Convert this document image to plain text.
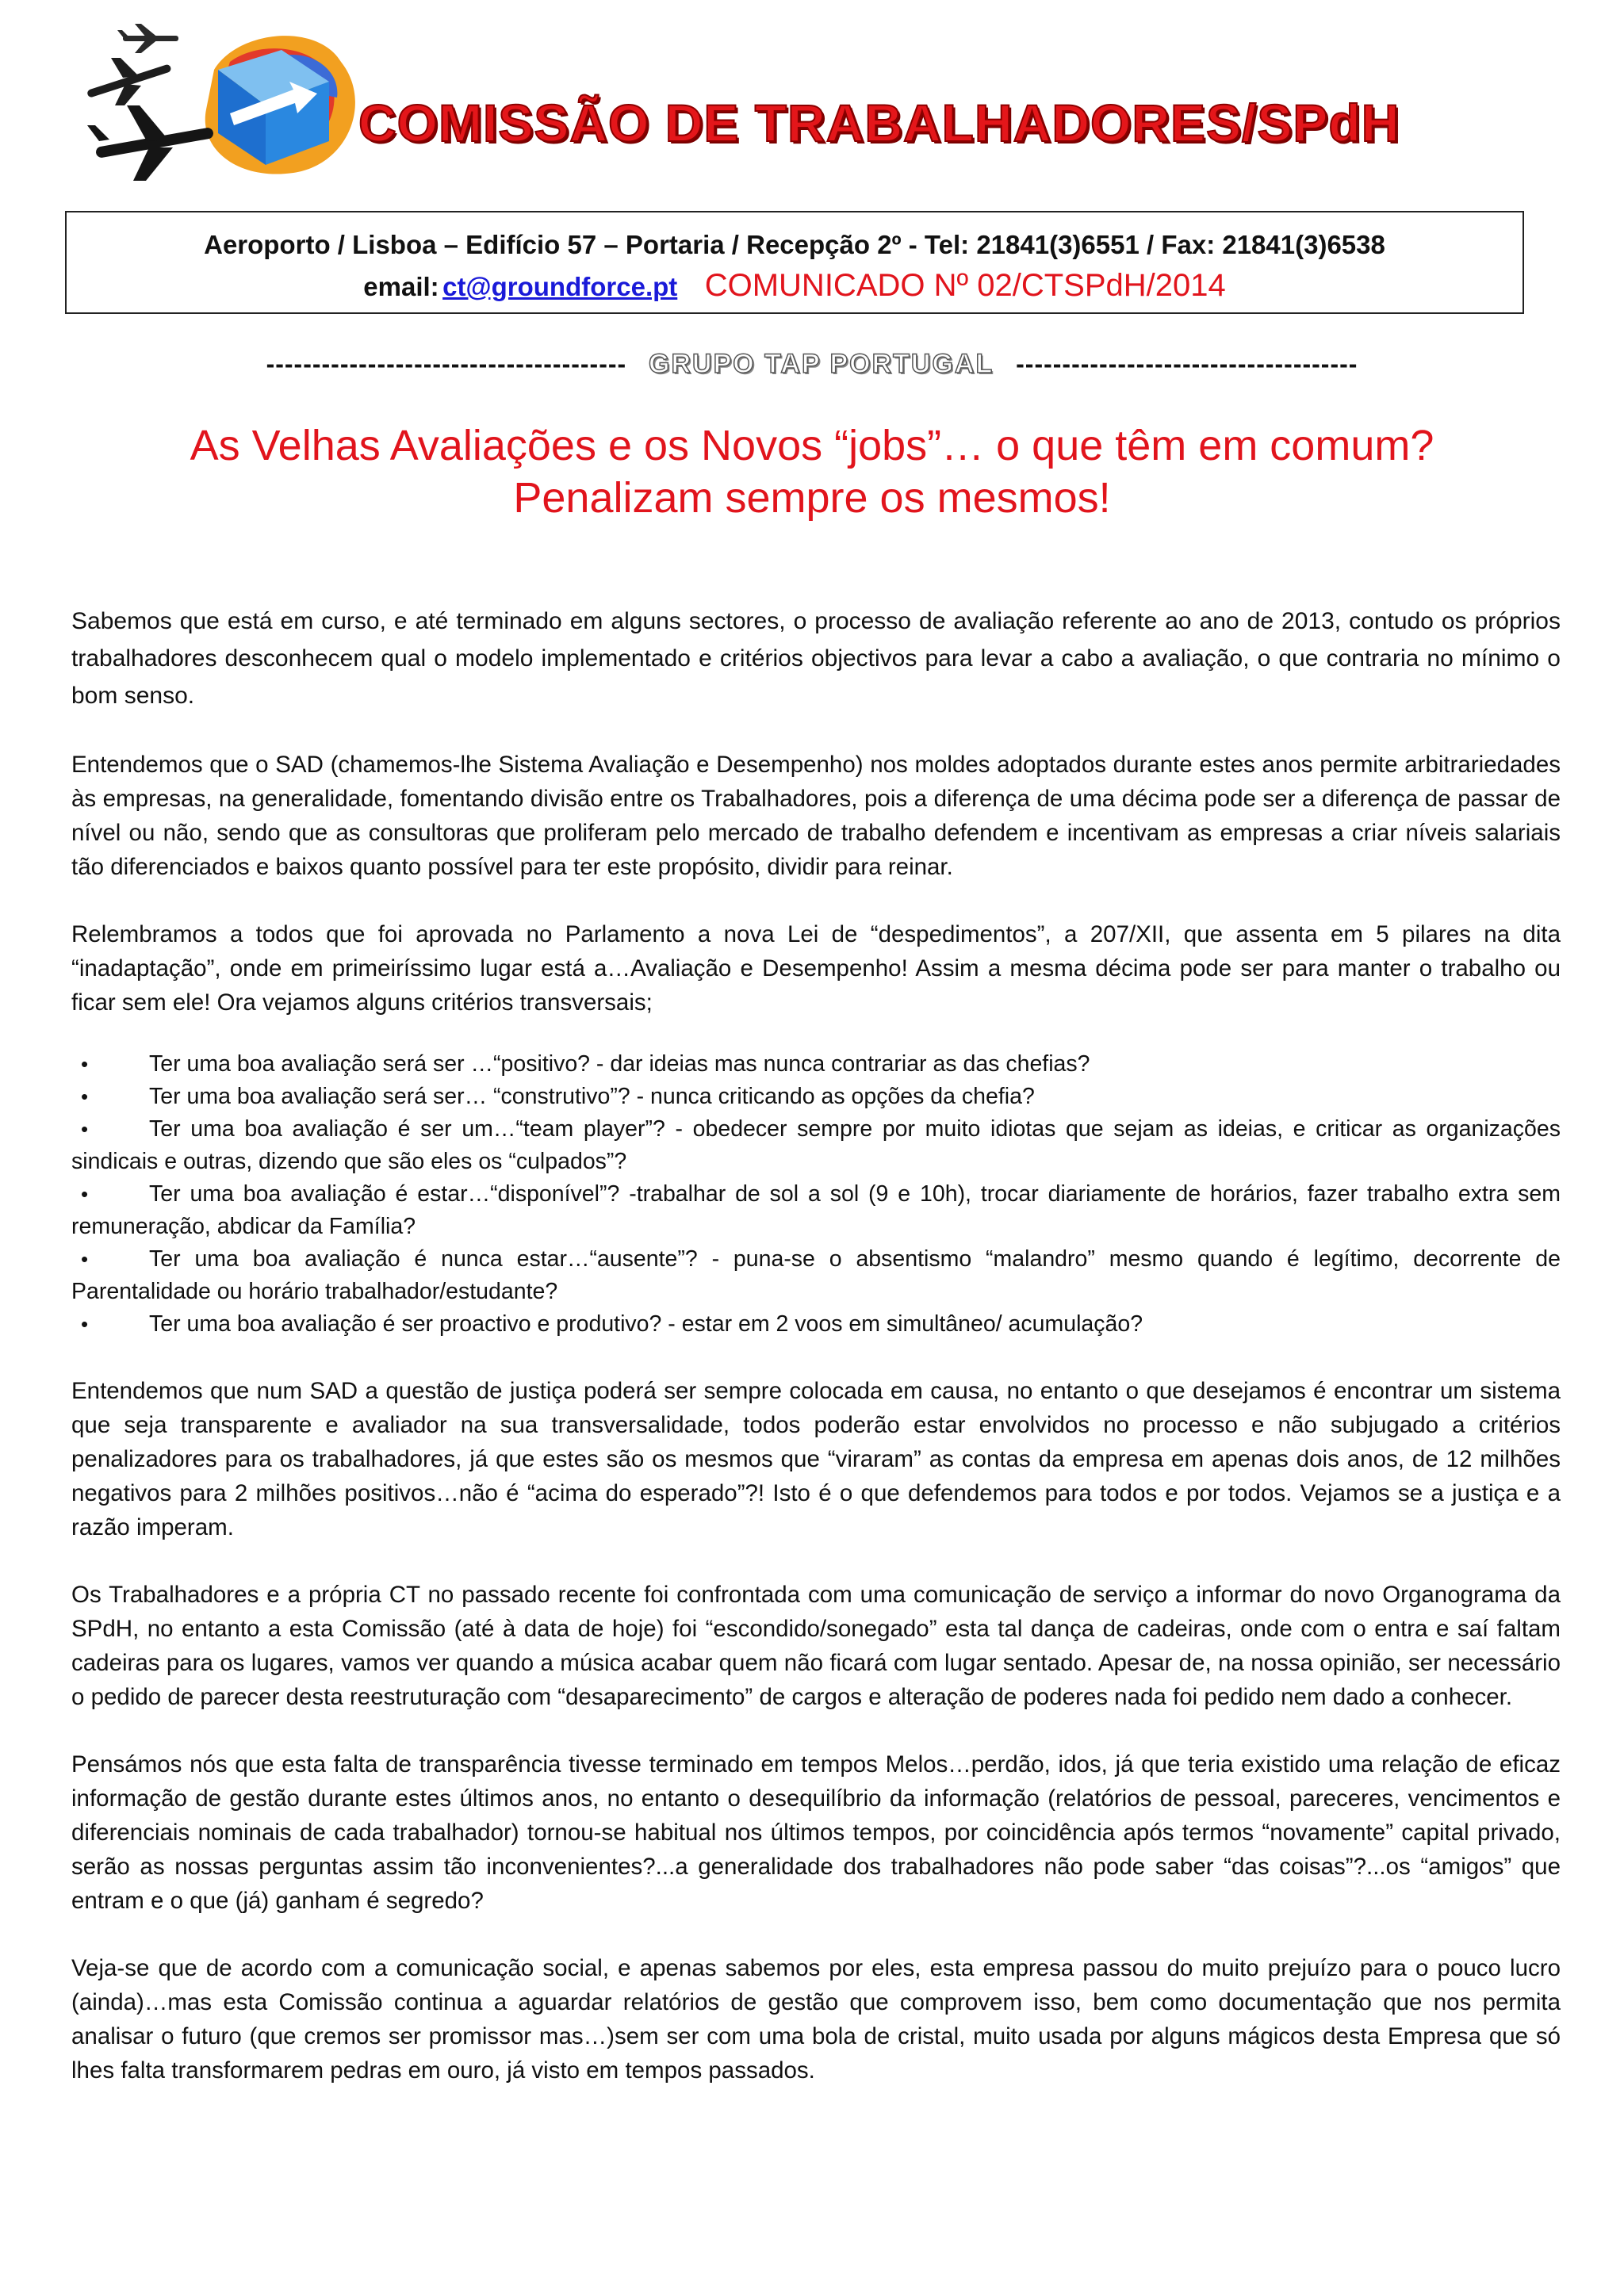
COMISSÃO DE TRABALHADORES/SPdH
Aeroporto / Lisboa – Edifício 57 – Portaria / Recepção 2º - Tel: 21841(3)6551 / Fax: 21841(3)6538
email: ct@groundforce.pt COMUNICADO Nº 02/CTSPdH/2014
--------------------------------------- GRUPO TAP PORTUGAL -------------------------------------
As Velhas Avaliações e os Novos “jobs”… o que têm em comum?
Penalizam sempre os mesmos!

Sabemos que está em curso, e até terminado em alguns sectores, o processo de avaliação referente ao ano de 2013, contudo os próprios trabalhadores desconhecem qual o modelo implementado e critérios objectivos para levar a cabo a avaliação, o que contraria no mínimo o bom senso.

Entendemos que o SAD (chamemos-lhe Sistema Avaliação e Desempenho) nos moldes adoptados durante estes anos permite arbitrariedades às empresas, na generalidade, fomentando divisão entre os Trabalhadores, pois a diferença de uma décima pode ser a diferença de passar de nível ou não, sendo que as consultoras que proliferam pelo mercado de trabalho defendem e incentivam as empresas a criar níveis salariais tão diferenciados e baixos quanto possível para ter este propósito, dividir para reinar.

Relembramos a todos que foi aprovada no Parlamento a nova Lei de “despedimentos”, a 207/XII, que assenta em 5 pilares na dita “inadaptação”, onde em primeiríssimo lugar está a…Avaliação e Desempenho! Assim a mesma décima pode ser para manter o trabalho ou ficar sem ele! Ora vejamos alguns critérios transversais;

•	Ter uma boa avaliação será ser …“positivo? - dar ideias mas nunca contrariar as das chefias?
•	Ter uma boa avaliação será ser… “construtivo”? - nunca criticando as opções da chefia?
•	Ter uma boa avaliação é ser um…“team player”? - obedecer sempre por muito idiotas que sejam as ideias, e criticar as organizações sindicais e outras, dizendo que são eles os “culpados”?
•	Ter uma boa avaliação é estar…“disponível”? -trabalhar de sol a sol (9 e 10h), trocar diariamente de horários, fazer trabalho extra sem remuneração, abdicar da Família?
•	Ter uma boa avaliação é nunca estar…“ausente”? - puna-se o absentismo “malandro” mesmo quando é legítimo, decorrente de Parentalidade ou horário trabalhador/estudante?
•	Ter uma boa avaliação é ser proactivo e produtivo? - estar em 2 voos em simultâneo/ acumulação?

Entendemos que num SAD a questão de justiça poderá ser sempre colocada em causa, no entanto o que desejamos é encontrar um sistema que seja transparente e avaliador na sua transversalidade, todos poderão estar envolvidos no processo e não subjugado a critérios penalizadores para os trabalhadores, já que estes são os mesmos que “viraram” as contas da empresa em apenas dois anos, de 12 milhões negativos para 2 milhões positivos…não é “acima do esperado”?! Isto é o que defendemos para todos e por todos. Vejamos se a justiça e a razão imperam.

Os Trabalhadores e a própria CT no passado recente foi confrontada com uma comunicação de serviço a informar do novo Organograma da SPdH, no entanto a esta Comissão (até à data de hoje) foi “escondido/sonegado” esta tal dança de cadeiras, onde com o entra e saí faltam cadeiras para os lugares, vamos ver quando a música acabar quem não ficará com lugar sentado. Apesar de, na nossa opinião, ser necessário o pedido de parecer desta reestruturação com “desaparecimento” de cargos e alteração de poderes nada foi pedido nem dado a conhecer.

Pensámos nós que esta falta de transparência tivesse terminado em tempos Melos…perdão, idos, já que teria existido uma relação de eficaz informação de gestão durante estes últimos anos, no entanto o desequilíbrio da informação (relatórios de pessoal, pareceres, vencimentos e diferenciais nominais de cada trabalhador) tornou-se habitual nos últimos tempos, por coincidência após termos “novamente” capital privado, serão as nossas perguntas assim tão inconvenientes?...a generalidade dos trabalhadores não pode saber “das coisas”?...os “amigos” que entram e o que (já) ganham é segredo?

Veja-se que de acordo com a comunicação social, e apenas sabemos por eles, esta empresa passou do muito prejuízo para o pouco lucro (ainda)…mas esta Comissão continua a aguardar relatórios de gestão que comprovem isso, bem como documentação que nos permita analisar o futuro (que cremos ser promissor mas…)sem ser com uma bola de cristal, muito usada por alguns mágicos desta Empresa que só lhes falta transformarem pedras em ouro, já visto em tempos passados.
